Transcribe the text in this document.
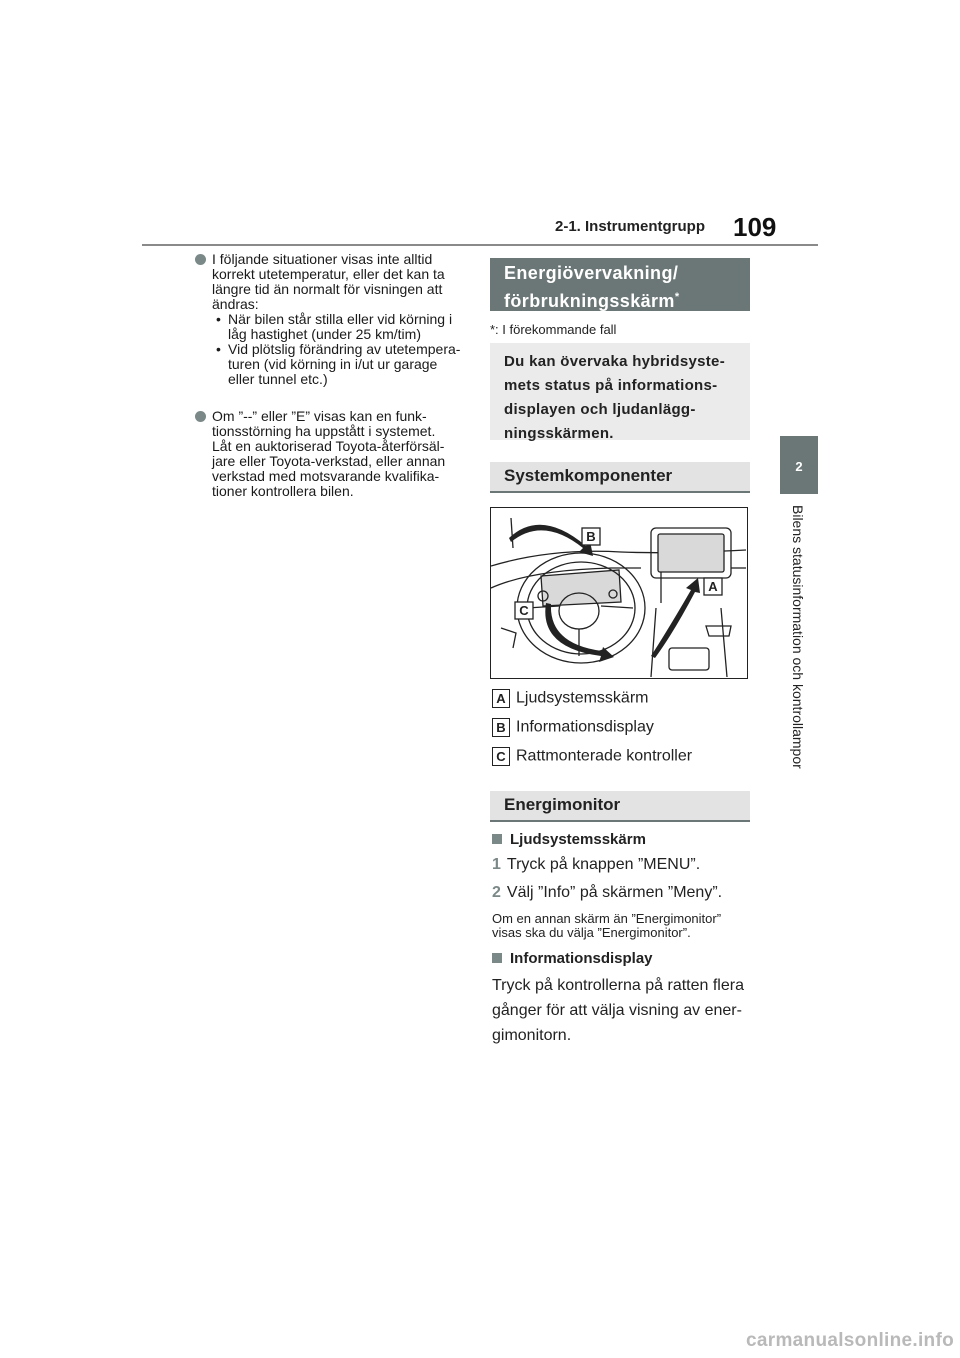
2-1. Instrumentgrupp 109
2
Bilens statusinformation och kontrollampor
I följande situationer visas inte alltid
korrekt utetemperatur, eller det kan ta
längre tid än normalt för visningen att
ändras:
• När bilen står stilla eller vid körning i
låg hastighet (under 25 km/tim)
• Vid plötslig förändring av utetempera-
turen (vid körning in i/ut ur garage
eller tunnel etc.)
Om ”--” eller ”E” visas kan en funk-
tionsstörning ha uppstått i systemet.
Låt en auktoriserad Toyota-återförsäl-
jare eller Toyota-verkstad, eller annan
verkstad med motsvarande kvalifika-
tioner kontrollera bilen.
Energiövervakning/
förbrukningsskärm*
*: I förekommande fall
Du kan övervaka hybridsyste-
mets status på informations-
displayen och ljudanlägg-
ningsskärmen.
Systemkomponenter
B
A
C
A Ljudsystemsskärm
B Informationsdisplay
C Rattmonterade kontroller
Energimonitor
Ljudsystemsskärm
1 Tryck på knappen ”MENU”.
2 Välj ”Info” på skärmen ”Meny”.
Om en annan skärm än ”Energimonitor”
visas ska du välja ”Energimonitor”.
Informationsdisplay
Tryck på kontrollerna på ratten flera
gånger för att välja visning av ener-
gimonitorn.
carmanualsonline.info
